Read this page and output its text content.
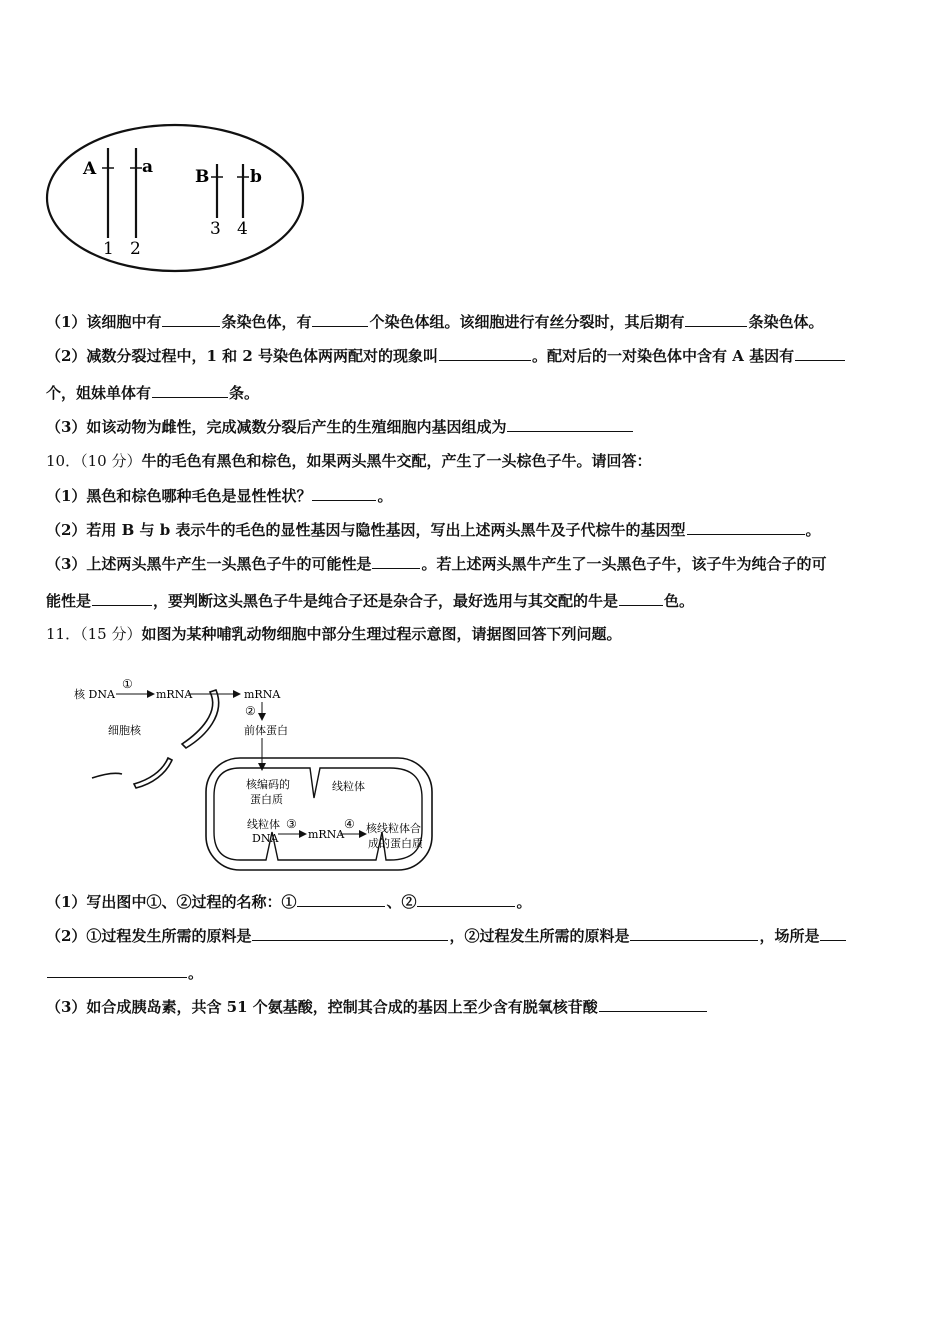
A	a B b
1 2
3 4
（1）该细胞中有	条染色体，有	个染色体组。该细胞进行有丝分裂时，其后期有	条染色体。
（2）减数分裂过程中，1 和 2 号染色体两两配对的现象叫	。配对后的一对染色体中含有 A 基因有
个，姐妹单体有	条。
（3）如该动物为雌性，完成减数分裂后产生的生殖细胞内基因组成为
10．（10 分）牛的毛色有黑色和棕色，如果两头黑牛交配，产生了一头棕色子牛。请回答：
（1）黑色和棕色哪种毛色是显性性状？	。
（2）若用 B 与 b 表示牛的毛色的显性基因与隐性基因，写出上述两头黑牛及子代棕牛的基因型	。
（3）上述两头黑牛产生一头黑色子牛的可能性是	。若上述两头黑牛产生了一头黑色子牛，该子牛为纯合子的可
能性是	，要判断这头黑色子牛是纯合子还是杂合子，最好选用与其交配的牛是	色。
11．（15 分）如图为某种哺乳动物细胞中部分生理过程示意图，请据图回答下列问题。
核 DNA
①
mRNA	mRNA
②
前体蛋白
细胞核
核编码的
蛋白质
线粒体
线粒体
DNA
③
mRNA
④ 核线粒体合
成的蛋白质
（1）写出图中①、②过程的名称：①	、②	。
（2）①过程发生所需的原料是	，②过程发生所需的原料是	，场所是
。
（3）如合成胰岛素，共含 51 个氨基酸，控制其合成的基因上至少含有脱氧核苷酸
